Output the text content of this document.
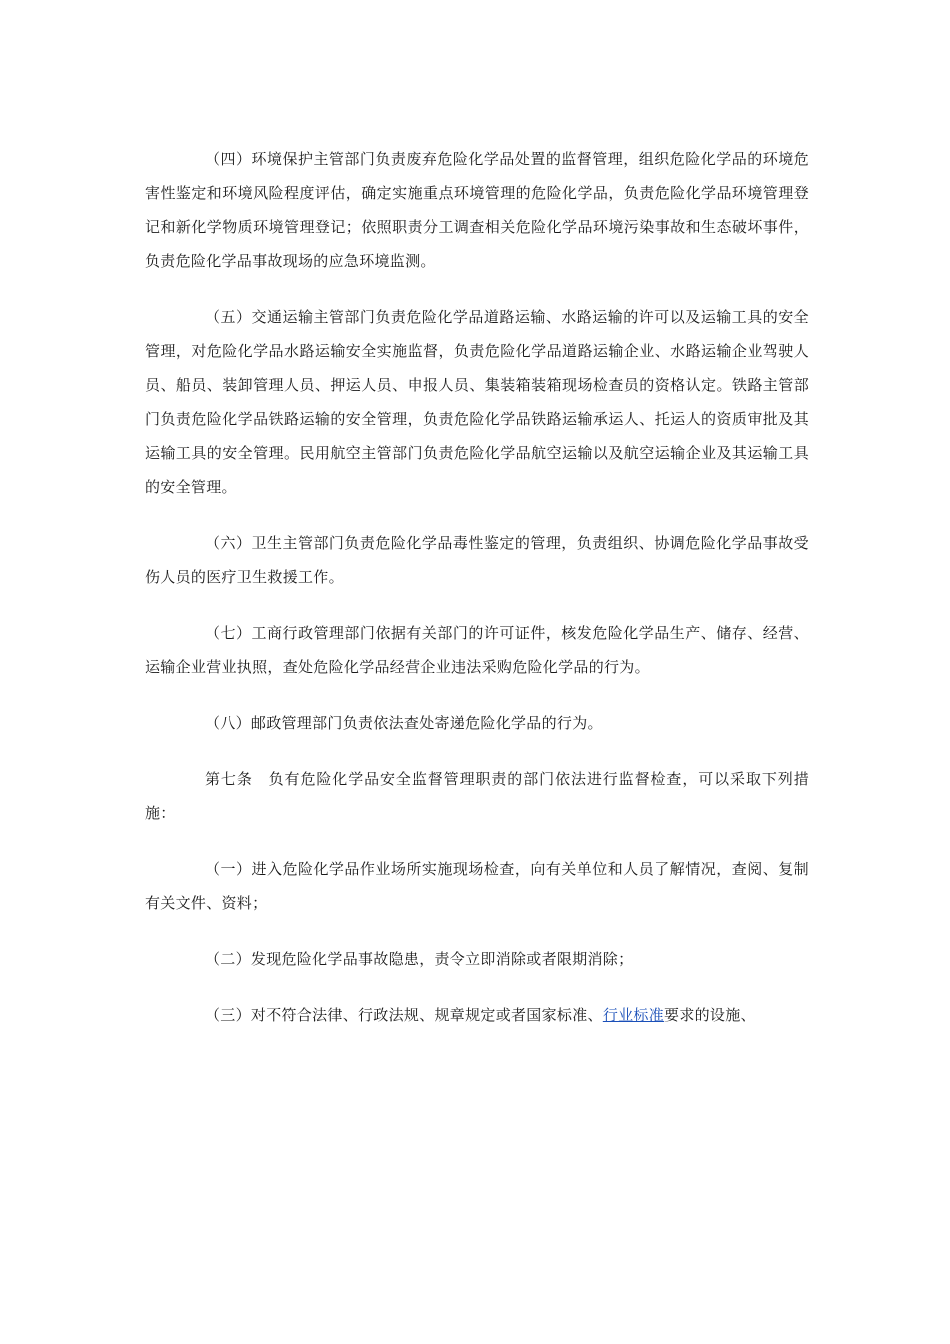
（四）环境保护主管部门负责废弃危险化学品处置的监督管理，组织危险化学品的环境危害性鉴定和环境风险程度评估，确定实施重点环境管理的危险化学品，负责危险化学品环境管理登记和新化学物质环境管理登记；依照职责分工调查相关危险化学品环境污染事故和生态破坏事件，负责危险化学品事故现场的应急环境监测。

（五）交通运输主管部门负责危险化学品道路运输、水路运输的许可以及运输工具的安全管理，对危险化学品水路运输安全实施监督，负责危险化学品道路运输企业、水路运输企业驾驶人员、船员、装卸管理人员、押运人员、申报人员、集装箱装箱现场检查员的资格认定。铁路主管部门负责危险化学品铁路运输的安全管理，负责危险化学品铁路运输承运人、托运人的资质审批及其运输工具的安全管理。民用航空主管部门负责危险化学品航空运输以及航空运输企业及其运输工具的安全管理。

（六）卫生主管部门负责危险化学品毒性鉴定的管理，负责组织、协调危险化学品事故受伤人员的医疗卫生救援工作。

（七）工商行政管理部门依据有关部门的许可证件，核发危险化学品生产、储存、经营、运输企业营业执照，查处危险化学品经营企业违法采购危险化学品的行为。

（八）邮政管理部门负责依法查处寄递危险化学品的行为。

第七条　负有危险化学品安全监督管理职责的部门依法进行监督检查，可以采取下列措施：

（一）进入危险化学品作业场所实施现场检查，向有关单位和人员了解情况，查阅、复制有关文件、资料；

（二）发现危险化学品事故隐患，责令立即消除或者限期消除；

（三）对不符合法律、行政法规、规章规定或者国家标准、行业标准要求的设施、
